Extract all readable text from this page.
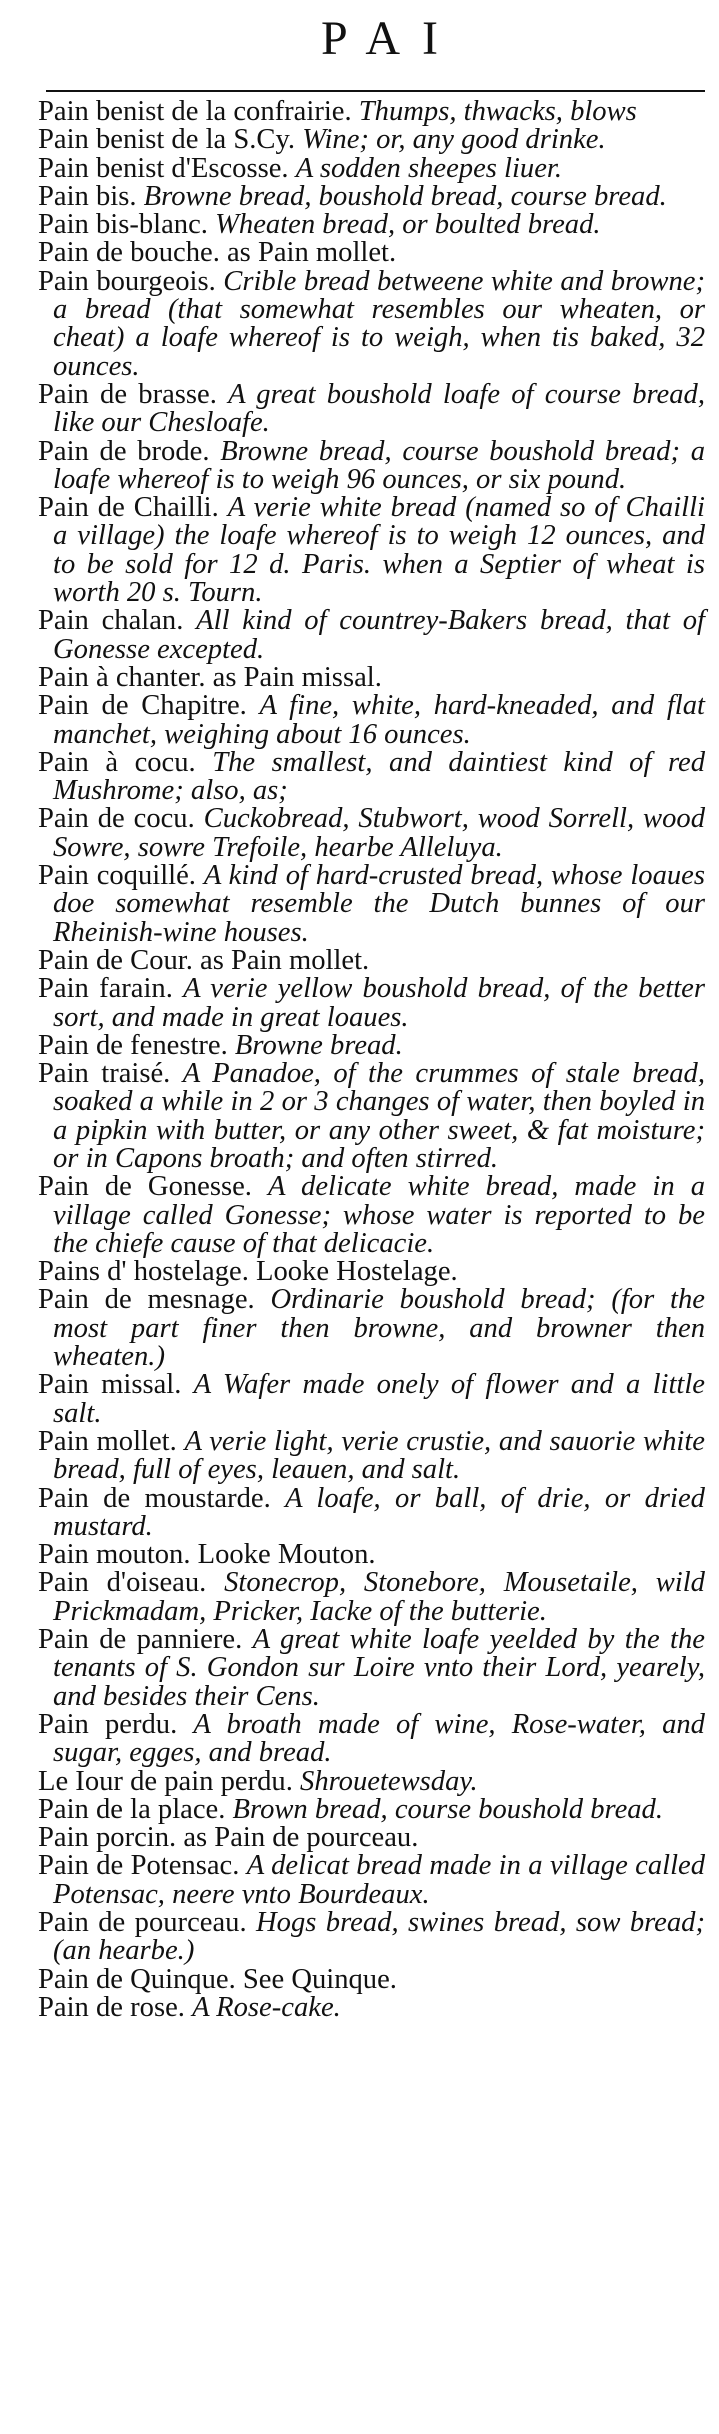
PAI
Pain benist de la confrairie. Thumps, thwacks, blows
Pain benist de la S.Cy. Wine; or, any good drinke.
Pain benist d'Escosse. A sodden sheepes liuer.
Pain bis. Browne bread, boushold bread, course bread.
Pain bis-blanc. Wheaten bread, or boulted bread.
Pain de bouche. as Pain mollet.
Pain bourgeois. Crible bread betweene white and browne; a bread (that somewhat resembles our wheaten, or cheat) a loafe whereof is to weigh, when tis baked, 32 ounces.
Pain de brasse. A great boushold loafe of course bread, like our Chesloafe.
Pain de brode. Browne bread, course boushold bread; a loafe whereof is to weigh 96 ounces, or six pound.
Pain de Chailli. A verie white bread (named so of Chailli a village) the loafe whereof is to weigh 12 ounces, and to be sold for 12 d. Paris. when a Septier of wheat is worth 20 s. Tourn.
Pain chalan. All kind of countrey-Bakers bread, that of Gonesse excepted.
Pain à chanter. as Pain missal.
Pain de Chapitre. A fine, white, hard-kneaded, and flat manchet, weighing about 16 ounces.
Pain à cocu. The smallest, and daintiest kind of red Mushrome; also, as;
Pain de cocu. Cuckobread, Stubwort, wood Sorrell, wood Sowre, sowre Trefoile, hearbe Alleluya.
Pain coquillé. A kind of hard-crusted bread, whose loaues doe somewhat resemble the Dutch bunnes of our Rheinish-wine houses.
Pain de Cour. as Pain mollet.
Pain farain. A verie yellow boushold bread, of the better sort, and made in great loaues.
Pain de fenestre. Browne bread.
Pain traisé. A Panadoe, of the crummes of stale bread, soaked a while in 2 or 3 changes of water, then boyled in a pipkin with butter, or any other sweet, & fat moisture; or in Capons broath; and often stirred.
Pain de Gonesse. A delicate white bread, made in a village called Gonesse; whose water is reported to be the chiefe cause of that delicacie.
Pains d' hostelage. Looke Hostelage.
Pain de mesnage. Ordinarie boushold bread; (for the most part finer then browne, and browner then wheaten.)
Pain missal. A Wafer made onely of flower and a little salt.
Pain mollet. A verie light, verie crustie, and sauorie white bread, full of eyes, leauen, and salt.
Pain de moustarde. A loafe, or ball, of drie, or dried mustard.
Pain mouton. Looke Mouton.
Pain d'oiseau. Stonecrop, Stonebore, Mousetaile, wild Prickmadam, Pricker, Iacke of the butterie.
Pain de panniere. A great white loafe yeelded by the the tenants of S. Gondon sur Loire vnto their Lord, yearely, and besides their Cens.
Pain perdu. A broath made of wine, Rose-water, and sugar, egges, and bread.
Le Iour de pain perdu. Shrouetewsday.
Pain de la place. Brown bread, course boushold bread.
Pain porcin. as Pain de pourceau.
Pain de Potensac. A delicat bread made in a village called Potensac, neere vnto Bourdeaux.
Pain de pourceau. Hogs bread, swines bread, sow bread; (an hearbe.)
Pain de Quinque. See Quinque.
Pain de rose. A Rose-cake.
